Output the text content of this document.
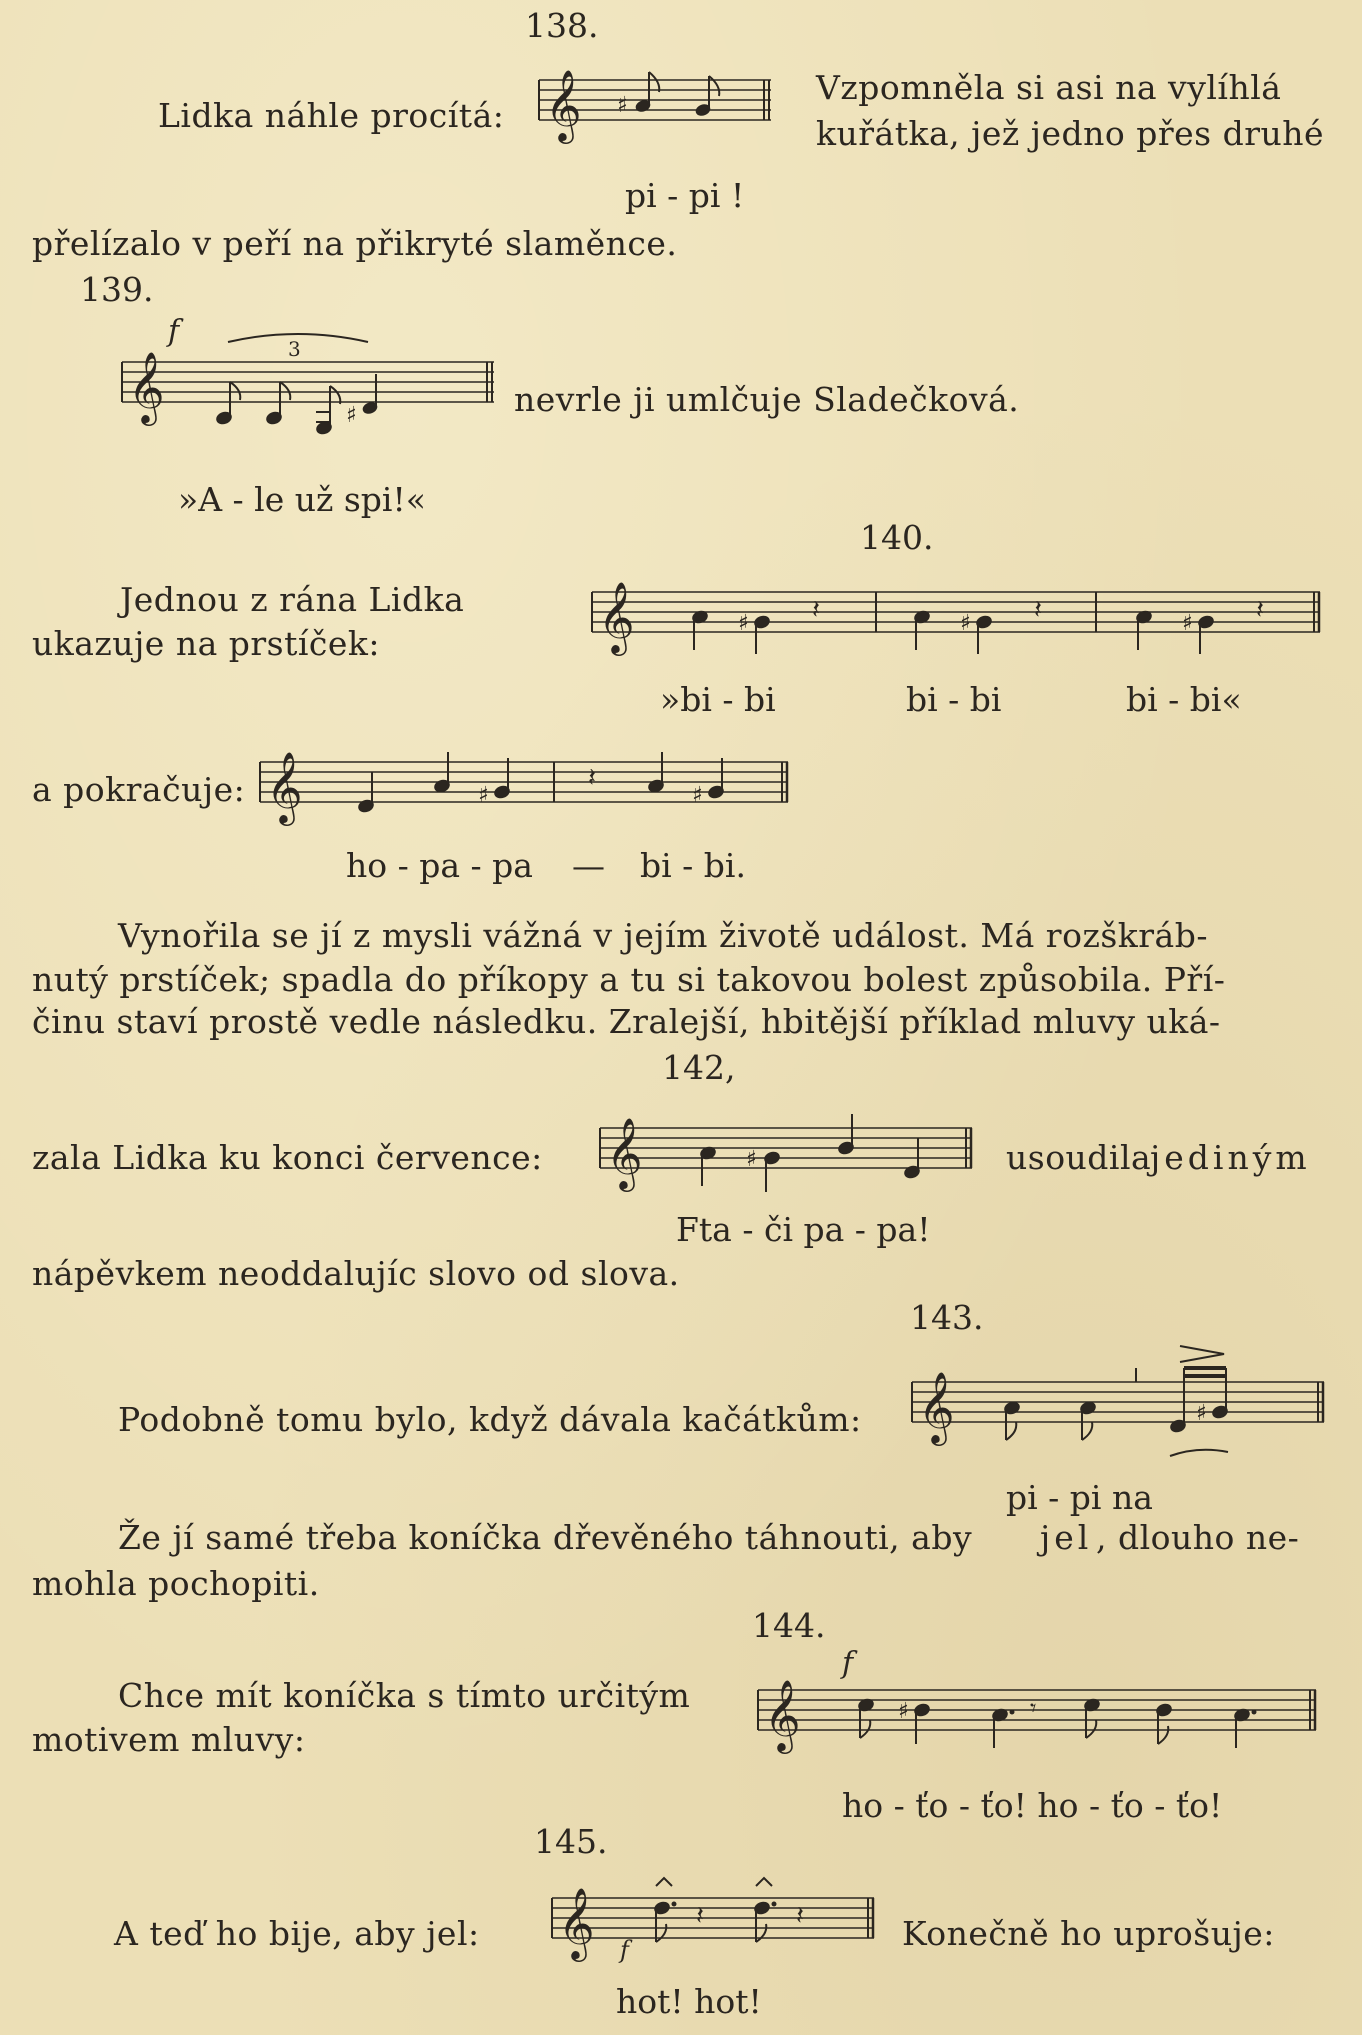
138.
Lidka náhle procítá: 𝄞 ♯	Vzpomněla si asi na vylíhlá
kuřátka, jež jedno přes druhé
pi - pi !
přelízalo v peří na přikryté slaměnce.
139.
f	3
𝄞	♯	nevrle ji umlčuje Sladečková.
»A - le už spi!«
140.
Jednou z rána Lidka
ukazuje na prstíček:	𝄞	♯ 𝄽	♯ 𝄽	♯ 𝄽
»bi - bi	bi - bi	bi - bi«
a pokračuje: 𝄞	♯
𝄽
♯
ho - pa - pa — bi - bi.
Vynořila se jí z mysli vážná v jejím životě událost. Má rozškráb-
nutý prstíček; spadla do příkopy a tu si takovou bolest způsobila. Pří-
činu staví prostě vedle následku. Zralejší, hbitější příklad mluvy uká-
142,
zala Lidka ku konci července: 𝄞	♯	usoudila
jediným
Fta - či pa - pa!
nápěvkem neoddalujíc slovo od slova.
143.
Podobně tomu bylo, když dávala kačátkům: 𝄞	♯
pi - pi na
Že jí samé třeba koníčka dřevěného táhnouti, aby jel , dlouho ne-
mohla pochopiti.
144.
f
Chce mít koníčka s tímto určitým
motivem mluvy:	𝄞	♯	𝄾
ho - ťo - ťo! ho - ťo - ťo!
145.
A teď ho bije, aby jel: 𝄞 f
𝄽	𝄽	Konečně ho uprošuje:
hot! hot!
